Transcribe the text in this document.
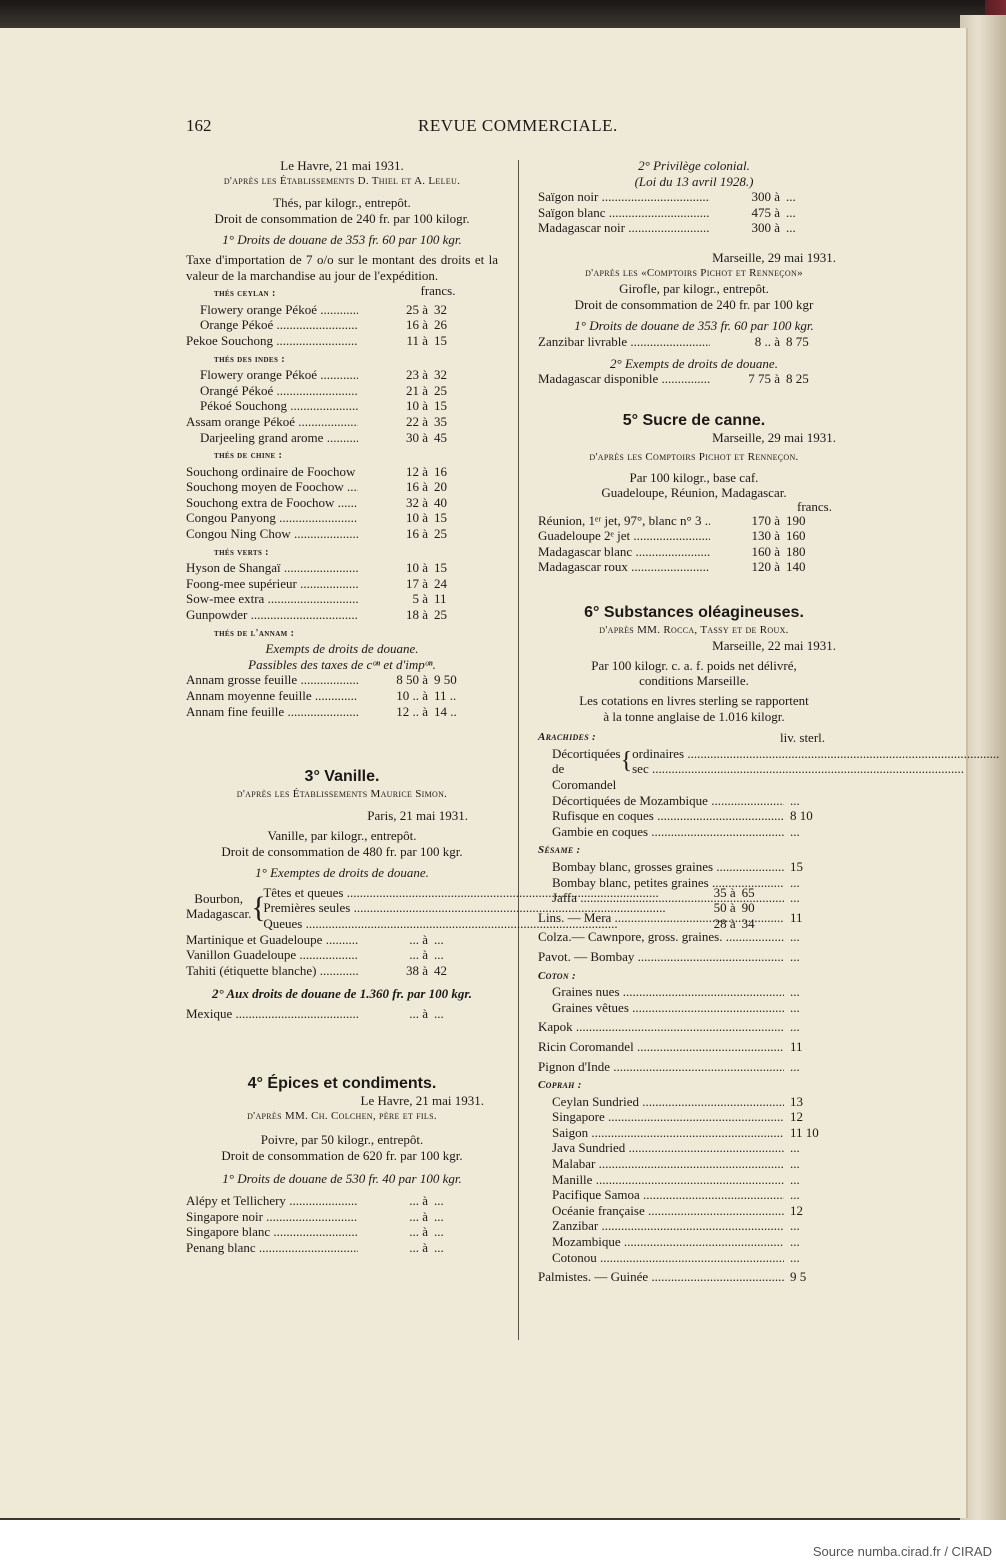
162	REVUE COMMERCIALE.
Le Havre, 21 mai 1931.
d'après les Établissements D. Thiel et A. Leleu.
Thés, par kilogr., entrepôt.
Droit de consommation de 240 fr. par 100 kilogr.
1° Droits de douane de 353 fr. 60 par 100 kgr.
Taxe d'importation de 7 o/o sur le montant des droits et la valeur de la marchandise au jour de l'expédition.
thés ceylan :	francs.
Flowery orange Pékoé .....	25 à 32
Orange Pékoé .....	16 à 26
Pekoe Souchong .....	11 à 15
thés des indes :
Flowery orange Pékoé .....	23 à 32
Orangé Pékoé .....	21 à 25
Pékoé Souchong .....	10 à 15
Assam orange Pékoé .....	22 à 35
Darjeeling grand arome .....	30 à 45
thés de chine :
Souchong ordinaire de Foochow .....	12 à 16
Souchong moyen de Foochow .....	16 à 20
Souchong extra de Foochow .....	32 à 40
Congou Panyong .....	10 à 15
Congou Ning Chow .....	16 à 25
thés verts :
Hyson de Shangaï .....	10 à 15
Foong-mee supérieur .....	17 à 24
Sow-mee extra .....	5 à 11
Gunpowder .....	18 à 25
thés de l'annam :
Exempts de droits de douane.
Passibles des taxes de cᵒⁿ et d'impᵒⁿ.
Annam grosse feuille .....	8 50 à 9 50
Annam moyenne feuille .....	10 .. à 11 ..
Annam fine feuille .....	12 .. à 14 ..
3° Vanille.
d'après les Établissements Maurice Simon.
Paris, 21 mai 1931.
Vanille, par kilogr., entrepôt.
Droit de consommation de 480 fr. par 100 kgr.
1° Exemptes de droits de douane.
Bourbon,
Madagascar. {
Têtes et queues .....	35 à 65
Premières seules .....	50 à 90
Queues .....	28 à 34
Martinique et Guadeloupe .....	... à ...
Vanillon Guadeloupe .....	... à ...
Tahiti (étiquette blanche) .....	38 à 42
2° Aux droits de douane de 1.360 fr. par 100 kgr.
Mexique .....	... à ...
4° Épices et condiments.
Le Havre, 21 mai 1931.
d'après MM. Ch. Colchen, père et fils.
Poivre, par 50 kilogr., entrepôt.
Droit de consommation de 620 fr. par 100 kgr.
1° Droits de douane de 530 fr. 40 par 100 kgr.
Alépy et Tellichery .....	... à ...
Singapore noir .....	... à ...
Singapore blanc .....	... à ...
Penang blanc .....	... à ...
2° Privilège colonial.
(Loi du 13 avril 1928.)
Saïgon noir .....	300 à ...
Saïgon blanc .....	475 à ...
Madagascar noir .....	300 à ...
Marseille, 29 mai 1931.
d'après les «Comptoirs Pichot et Renneçon»
Girofle, par kilogr., entrepôt.
Droit de consommation de 240 fr. par 100 kgr
1° Droits de douane de 353 fr. 60 par 100 kgr.
Zanzibar livrable .....	8 .. à 8 75
2° Exempts de droits de douane.
Madagascar disponible .....	7 75 à 8 25
5° Sucre de canne.
Marseille, 29 mai 1931.
d'après les Comptoirs Pichot et Renneçon.
Par 100 kilogr., base caf.
Guadeloupe, Réunion, Madagascar.
francs.
Réunion, 1ᵉʳ jet, 97°, blanc n° 3 .....	170 à 190
Guadeloupe 2ᵉ jet .....	130 à 160
Madagascar blanc .....	160 à 180
Madagascar roux .....	120 à 140
6° Substances oléagineuses.
d'après MM. Rocca, Tassy et de Roux.
Marseille, 22 mai 1931.
Par 100 kilogr. c. a. f. poids net délivré,
conditions Marseille.
Les cotations en livres sterling se rapportent
à la tonne anglaise de 1.016 kilogr.
Arachides :	liv. sterl.
Décortiquées
de Coromandel
{ ordinaires .....
sec .....
Décortiquées de Mozambique .....	...
Rufisque en coques .....	8 10
Gambie en coques .....	...
Sésame :
Bombay blanc, grosses graines .....	15
Bombay blanc, petites graines .....	...
Jaffa .....	...
Lins. — Mera .....	11
Colza.— Cawnpore, gross. graines. .....	...
Pavot. — Bombay .....	...
Coton :
Graines nues .....	...
Graines vêtues .....	...
Kapok .....	...
Ricin Coromandel .....	11
Pignon d'Inde .....	...
Coprah :
Ceylan Sundried .....	13
Singapore .....	12
Saigon .....	11 10
Java Sundried .....	...
Malabar .....	...
Manille .....	...
Pacifique Samoa .....	...
Océanie française .....	12
Zanzibar .....	...
Mozambique .....	...
Cotonou .....	...
Palmistes. — Guinée .....	9 5
Source numba.cirad.fr / CIRAD
